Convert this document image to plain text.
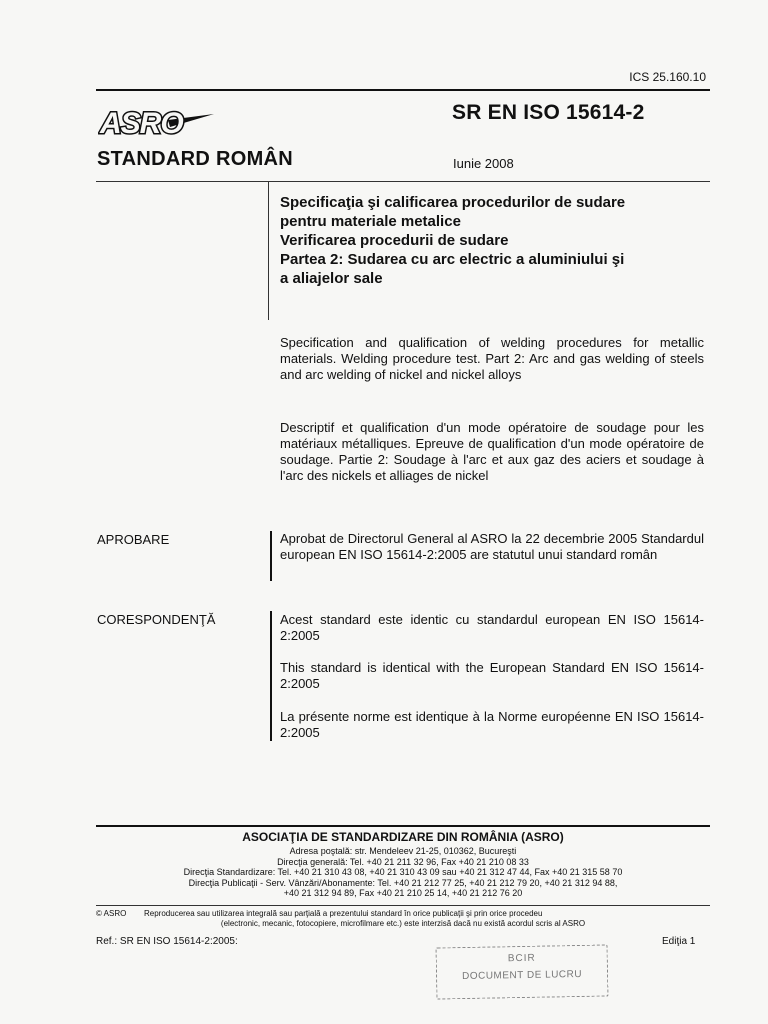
ICS 25.160.10
ASRO	SR EN ISO 15614-2
STANDARD ROMÂN	Iunie 2008
Specificaţia şi calificarea procedurilor de sudare
pentru materiale metalice
Verificarea procedurii de sudare
Partea 2: Sudarea cu arc electric a aluminiului şi
a aliajelor sale
Specification and qualification of welding procedures for metallic materials. Welding procedure test. Part 2: Arc and gas welding of steels and arc welding of nickel and nickel alloys
Descriptif et qualification d'un mode opératoire de soudage pour les matériaux métalliques. Epreuve de qualification d'un mode opératoire de soudage. Partie 2: Soudage à l'arc et aux gaz des aciers et soudage à l'arc des nickels et alliages de nickel
APROBARE	Aprobat de Directorul General al ASRO la 22 decembrie 2005 Standardul european EN ISO 15614-2:2005 are statutul unui standard român
CORESPONDENŢĂ	Acest standard este identic cu standardul european EN ISO 15614-2:2005
This standard is identical with the European Standard EN ISO 15614-2:2005
La présente norme est identique à la Norme européenne EN ISO 15614-2:2005
ASOCIAŢIA DE STANDARDIZARE DIN ROMÂNIA (ASRO)
Adresa poştală: str. Mendeleev 21-25, 010362, Bucureşti
Direcţia generală: Tel. +40 21 211 32 96, Fax +40 21 210 08 33
Direcţia Standardizare: Tel. +40 21 310 43 08, +40 21 310 43 09 sau +40 21 312 47 44, Fax +40 21 315 58 70
Direcţia Publicaţii - Serv. Vânzări/Abonamente: Tel. +40 21 212 77 25, +40 21 212 79 20, +40 21 312 94 88,
+40 21 312 94 89, Fax +40 21 210 25 14, +40 21 212 76 20
© ASRO Reproducerea sau utilizarea integrală sau parţială a prezentului standard în orice publicaţii şi prin orice procedeu
(electronic, mecanic, fotocopiere, microfilmare etc.) este interzisă dacă nu există acordul scris al ASRO
Ref.: SR EN ISO 15614-2:2005:	Ediţia 1
BCIR
DOCUMENT DE LUCRU
